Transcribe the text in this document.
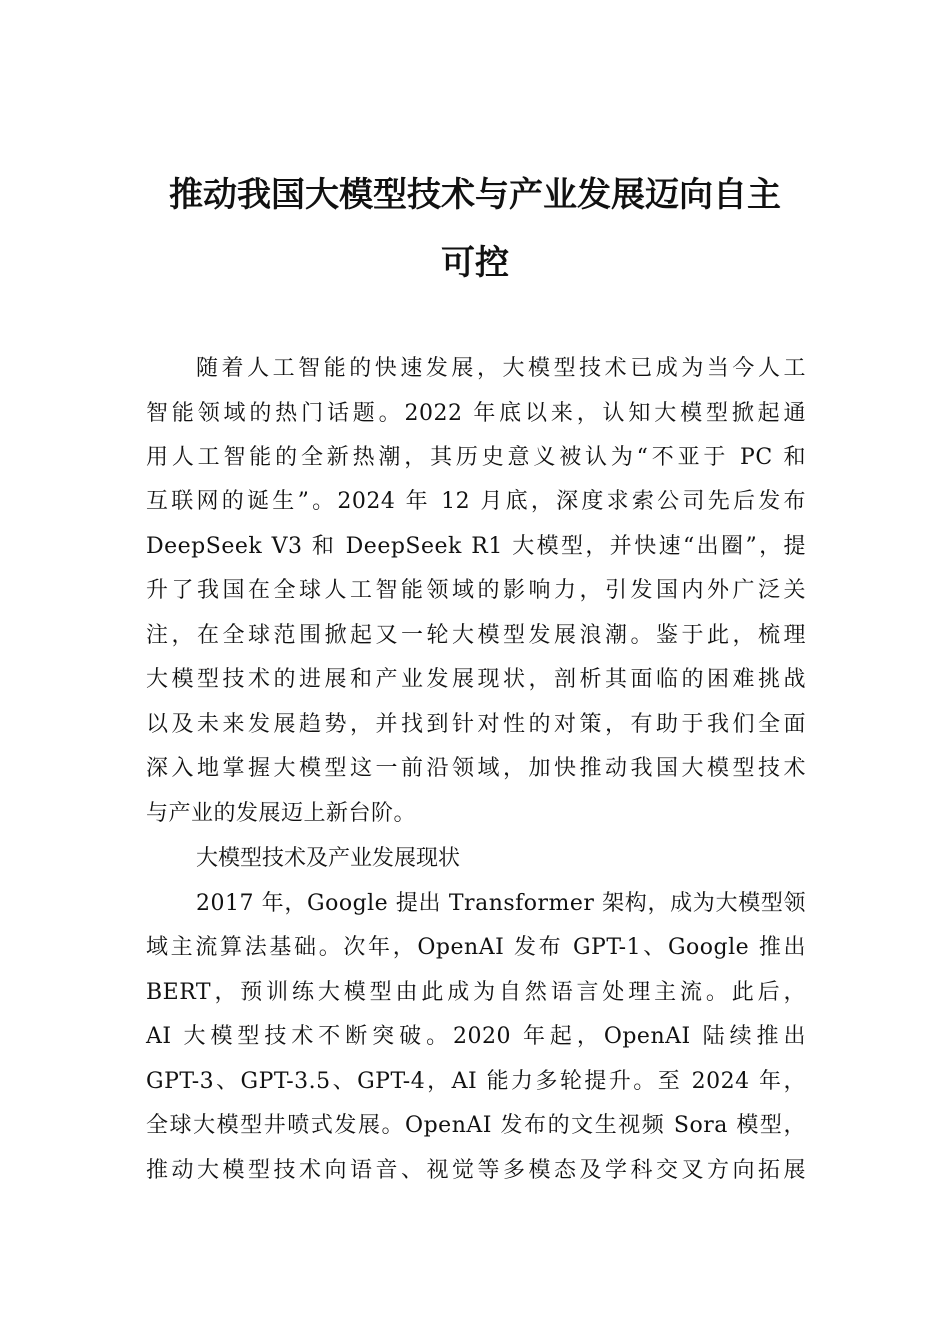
推动我国大模型技术与产业发展迈向自主
可控
随着人工智能的快速发展，大模型技术已成为当今人工
智能领域的热门话题。2022 年底以来，认知大模型掀起通
用人工智能的全新热潮，其历史意义被认为“不亚于 PC 和
互联网的诞生”。2024 年 12 月底，深度求索公司先后发布
DeepSeek V3 和 DeepSeek R1 大模型，并快速“出圈”，提
升了我国在全球人工智能领域的影响力，引发国内外广泛关
注，在全球范围掀起又一轮大模型发展浪潮。鉴于此，梳理
大模型技术的进展和产业发展现状，剖析其面临的困难挑战
以及未来发展趋势，并找到针对性的对策，有助于我们全面
深入地掌握大模型这一前沿领域，加快推动我国大模型技术
与产业的发展迈上新台阶。
大模型技术及产业发展现状
2017 年，Google 提出 Transformer 架构，成为大模型领
域主流算法基础。次年，OpenAI 发布 GPT-1、Google 推出
BERT，预训练大模型由此成为自然语言处理主流。此后，
AI 大模型技术不断突破。2020 年起，OpenAI 陆续推出
GPT-3、GPT-3.5、GPT-4，AI 能力多轮提升。至 2024 年，
全球大模型井喷式发展。OpenAI 发布的文生视频 Sora 模型，
推动大模型技术向语音、视觉等多模态及学科交叉方向拓展
